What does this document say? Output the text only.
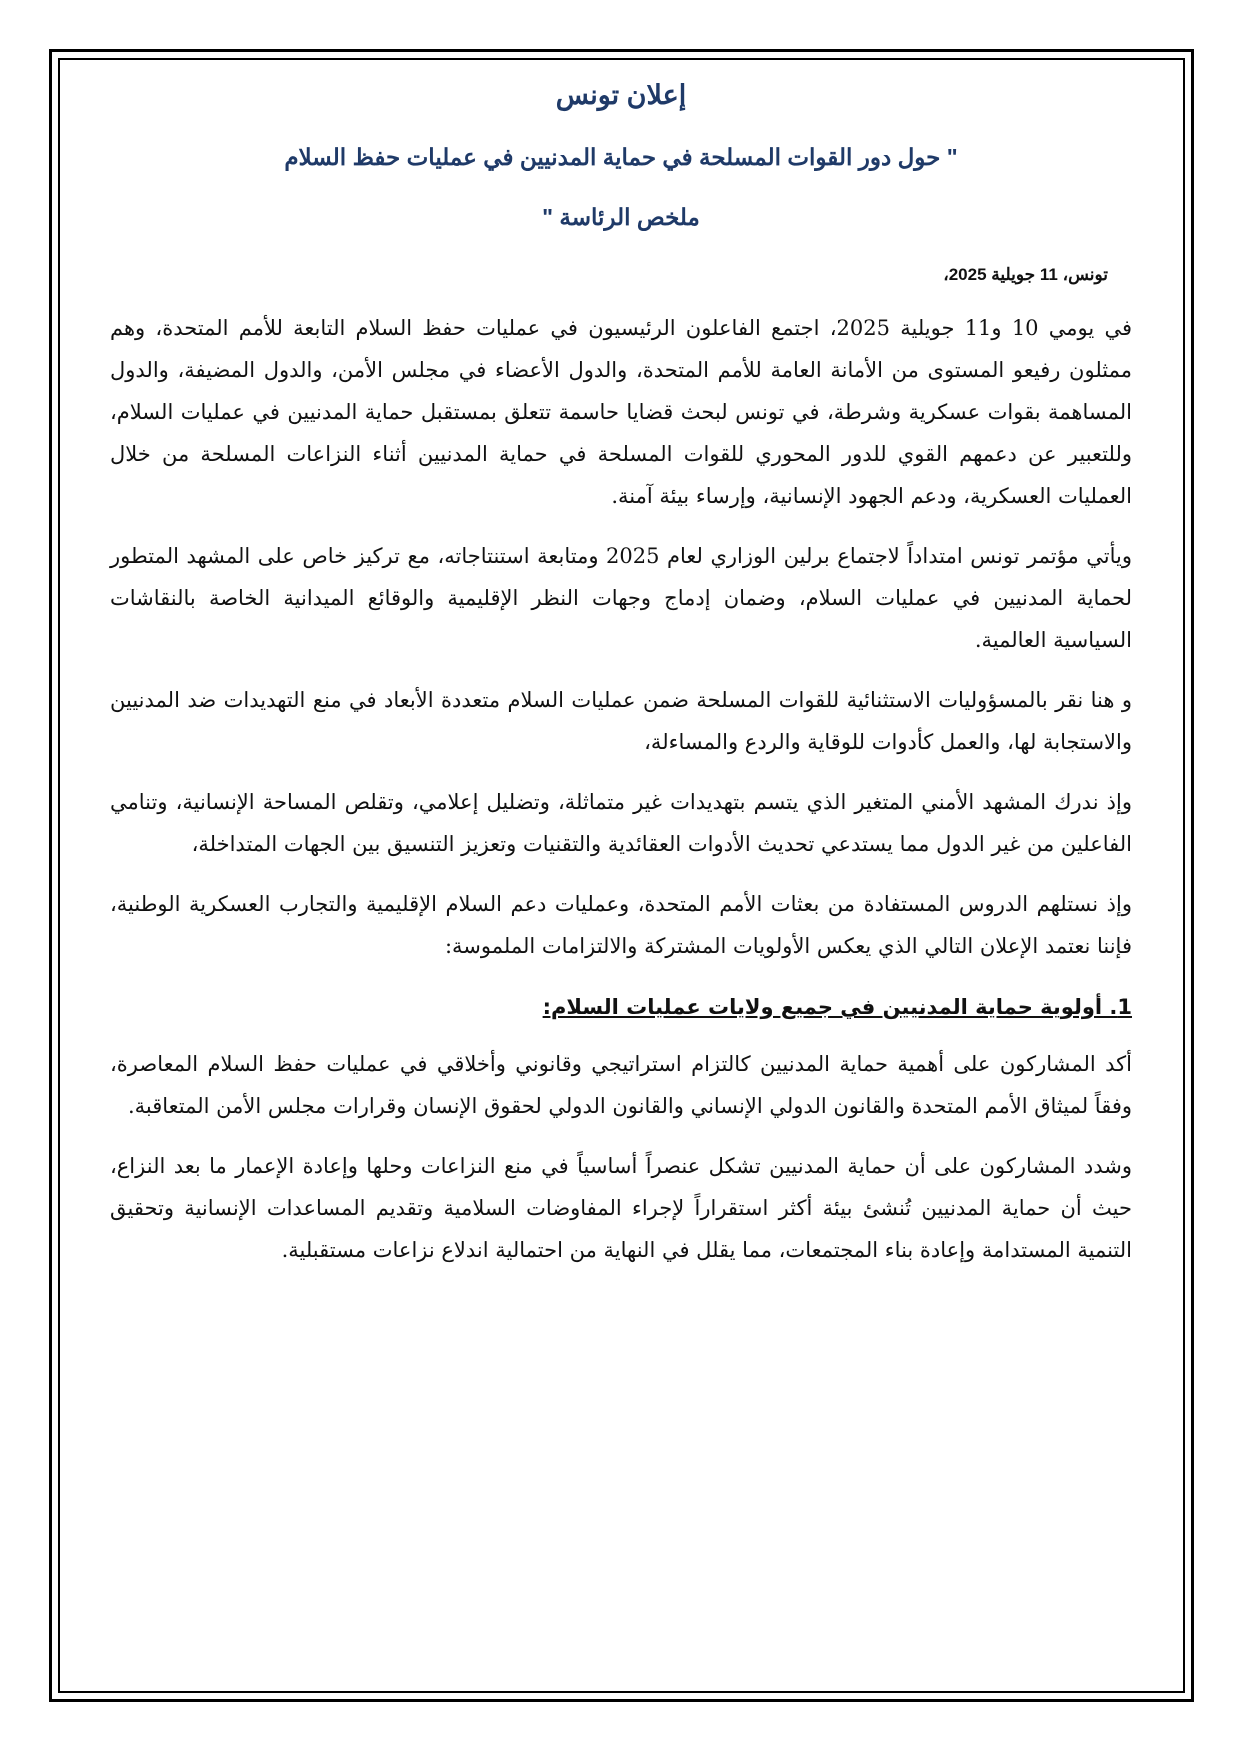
إعلان تونس

" حول دور القوات المسلحة في حماية المدنيين في عمليات حفظ السلام

ملخص الرئاسة "

تونس، 11 جويلية 2025،

في يومي 10 و11 جويلية 2025، اجتمع الفاعلون الرئيسيون في عمليات حفظ السلام التابعة للأمم المتحدة، وهم ممثلون رفيعو المستوى من الأمانة العامة للأمم المتحدة، والدول الأعضاء في مجلس الأمن، والدول المضيفة، والدول المساهمة بقوات عسكرية وشرطة، في تونس لبحث قضايا حاسمة تتعلق بمستقبل حماية المدنيين في عمليات السلام، وللتعبير عن دعمهم القوي للدور المحوري للقوات المسلحة في حماية المدنيين أثناء النزاعات المسلحة من خلال العمليات العسكرية، ودعم الجهود الإنسانية، وإرساء بيئة آمنة.

ويأتي مؤتمر تونس امتداداً لاجتماع برلين الوزاري لعام 2025 ومتابعة استنتاجاته، مع تركيز خاص على المشهد المتطور لحماية المدنيين في عمليات السلام، وضمان إدماج وجهات النظر الإقليمية والوقائع الميدانية الخاصة بالنقاشات السياسية العالمية.

و هنا نقر بالمسؤوليات الاستثنائية للقوات المسلحة ضمن عمليات السلام متعددة الأبعاد في منع التهديدات ضد المدنيين والاستجابة لها، والعمل كأدوات للوقاية والردع والمساءلة،

وإذ ندرك المشهد الأمني المتغير الذي يتسم بتهديدات غير متماثلة، وتضليل إعلامي، وتقلص المساحة الإنسانية، وتنامي الفاعلين من غير الدول مما يستدعي تحديث الأدوات العقائدية والتقنيات وتعزيز التنسيق بين الجهات المتداخلة،

وإذ نستلهم الدروس المستفادة من بعثات الأمم المتحدة، وعمليات دعم السلام الإقليمية والتجارب العسكرية الوطنية، فإننا نعتمد الإعلان التالي الذي يعكس الأولويات المشتركة والالتزامات الملموسة:

1. أولوية حماية المدنيين في جميع ولايات عمليات السلام:

أكد المشاركون على أهمية حماية المدنيين كالتزام استراتيجي وقانوني وأخلاقي في عمليات حفظ السلام المعاصرة، وفقاً لميثاق الأمم المتحدة والقانون الدولي الإنساني والقانون الدولي لحقوق الإنسان وقرارات مجلس الأمن المتعاقبة.

وشدد المشاركون على أن حماية المدنيين تشكل عنصراً أساسياً في منع النزاعات وحلها وإعادة الإعمار ما بعد النزاع، حيث أن حماية المدنيين تُنشئ بيئة أكثر استقراراً لإجراء المفاوضات السلامية وتقديم المساعدات الإنسانية وتحقيق التنمية المستدامة وإعادة بناء المجتمعات، مما يقلل في النهاية من احتمالية اندلاع نزاعات مستقبلية.
